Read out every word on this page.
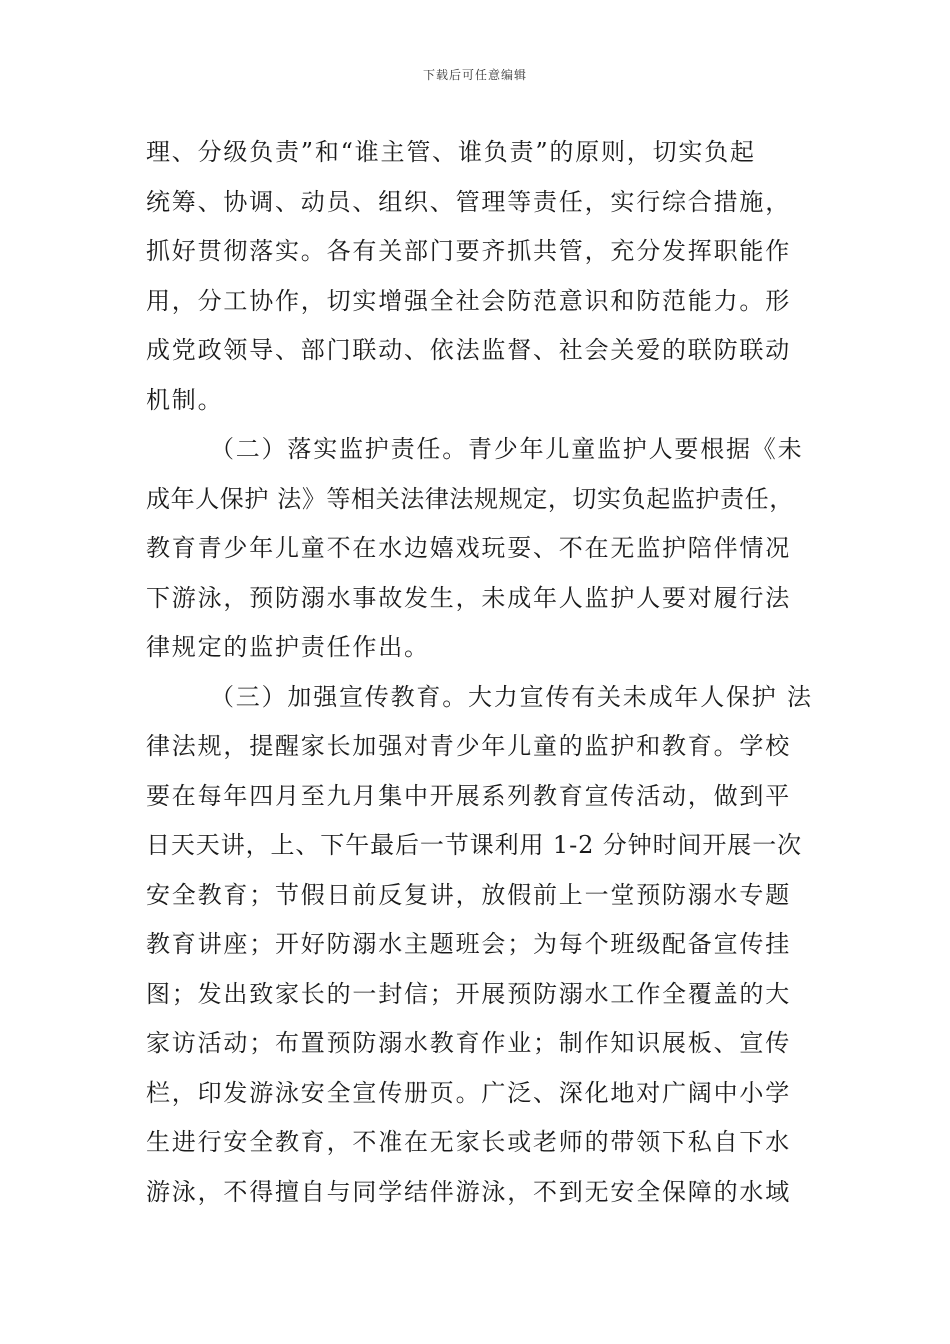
下载后可任意编辑
理、分级负责”和“谁主管、谁负责”的原则，切实负起
统筹、协调、动员、组织、管理等责任，实行综合措施，
抓好贯彻落实。各有关部门要齐抓共管，充分发挥职能作
用，分工协作，切实增强全社会防范意识和防范能力。形
成党政领导、部门联动、依法监督、社会关爱的联防联动
机制。
（二）落实监护责任。青少年儿童监护人要根据《未
成年人保护 法》等相关法律法规规定，切实负起监护责任，
教育青少年儿童不在水边嬉戏玩耍、不在无监护陪伴情况
下游泳，预防溺水事故发生，未成年人监护人要对履行法
律规定的监护责任作出。
（三）加强宣传教育。大力宣传有关未成年人保护 法
律法规，提醒家长加强对青少年儿童的监护和教育。学校
要在每年四月至九月集中开展系列教育宣传活动，做到平
日天天讲，上、下午最后一节课利用 1-2 分钟时间开展一次
安全教育；节假日前反复讲，放假前上一堂预防溺水专题
教育讲座；开好防溺水主题班会；为每个班级配备宣传挂
图；发出致家长的一封信；开展预防溺水工作全覆盖的大
家访活动；布置预防溺水教育作业；制作知识展板、宣传
栏，印发游泳安全宣传册页。广泛、深化地对广阔中小学
生进行安全教育，不准在无家长或老师的带领下私自下水
游泳，不得擅自与同学结伴游泳，不到无安全保障的水域
